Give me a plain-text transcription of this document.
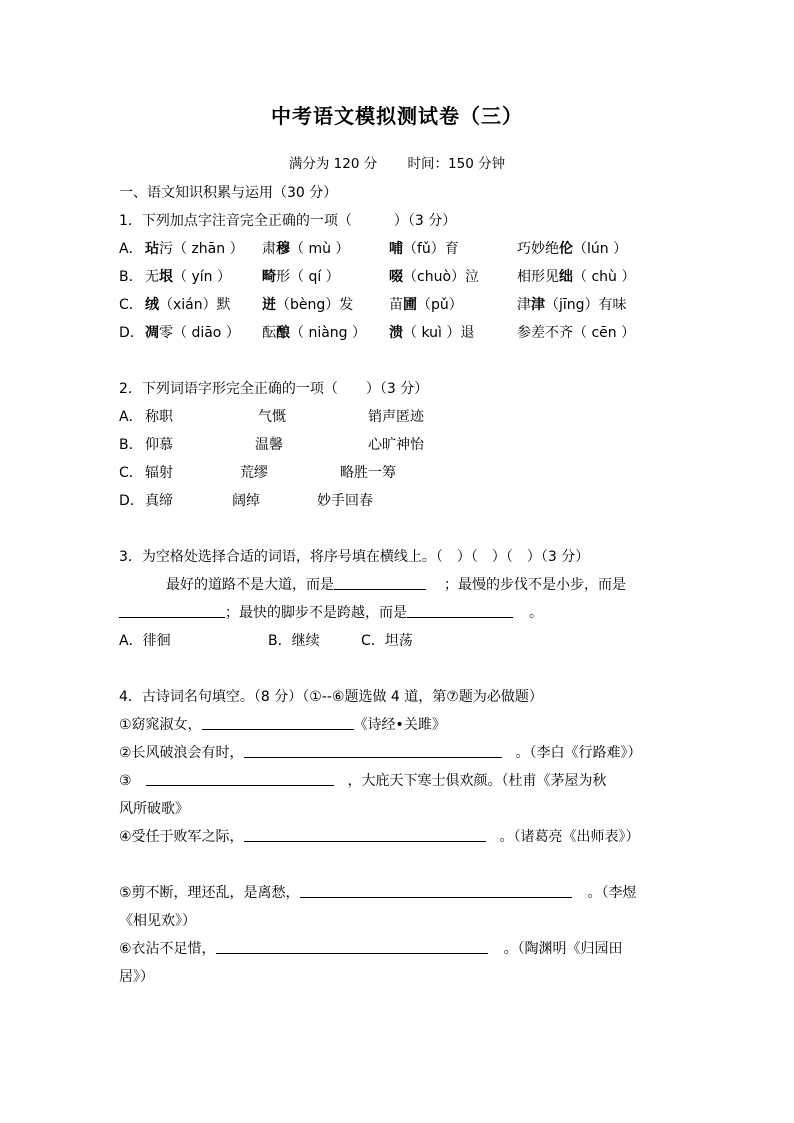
中考语文模拟测试卷（三）
满分为 120 分 时间：150 分钟
一、语文知识积累与运用（30 分）
1．下列加点字注音完全正确的一项（　　　）（3 分）
A． 玷污（ zhān ） 肃穆（ mù ）	哺（fǔ）育	巧妙绝伦（lún ）
B． 无垠（ yín ） 畸形（ qí ）	啜（chuò）泣	相形见绌（ chù ）
C． 绒（xián）默 迸（bèng）发	苗圃（pǔ）	津津（jīng）有味
D． 凋零（ diāo ） 酝酿（ niàng ） 溃（ kuì ）退	参差不齐（ cēn ）
2．下列词语字形完全正确的一项（　　）（3 分）
A． 称职	气慨	销声匿迹
B． 仰慕	温馨	心旷神怡
C． 辐射	荒缪	略胜一筹
D． 真缔	阔绰	妙手回春
3．为空格处选择合适的词语，将序号填在横线上。（　）（　）（　）（3 分）
最好的道路不是大道，而是	；最慢的步伐不是小步，而是
；最快的脚步不是跨越，而是	。
A．徘徊	B．继续	C．坦荡
4．古诗词名句填空。（8 分）（①--⑥题选做 4 道，第⑦题为必做题）
①窈窕淑女，	《诗经•关雎》
②长风破浪会有时，	。（李白《行路难》）
③	，大庇天下寒士俱欢颜。（杜甫《茅屋为秋
风所破歌》
④受任于败军之际，	。（诸葛亮《出师表》）
⑤剪不断，理还乱，是离愁，	。（李煜
《相见欢》）
⑥衣沾不足惜，	。（陶渊明《归园田
居》）
